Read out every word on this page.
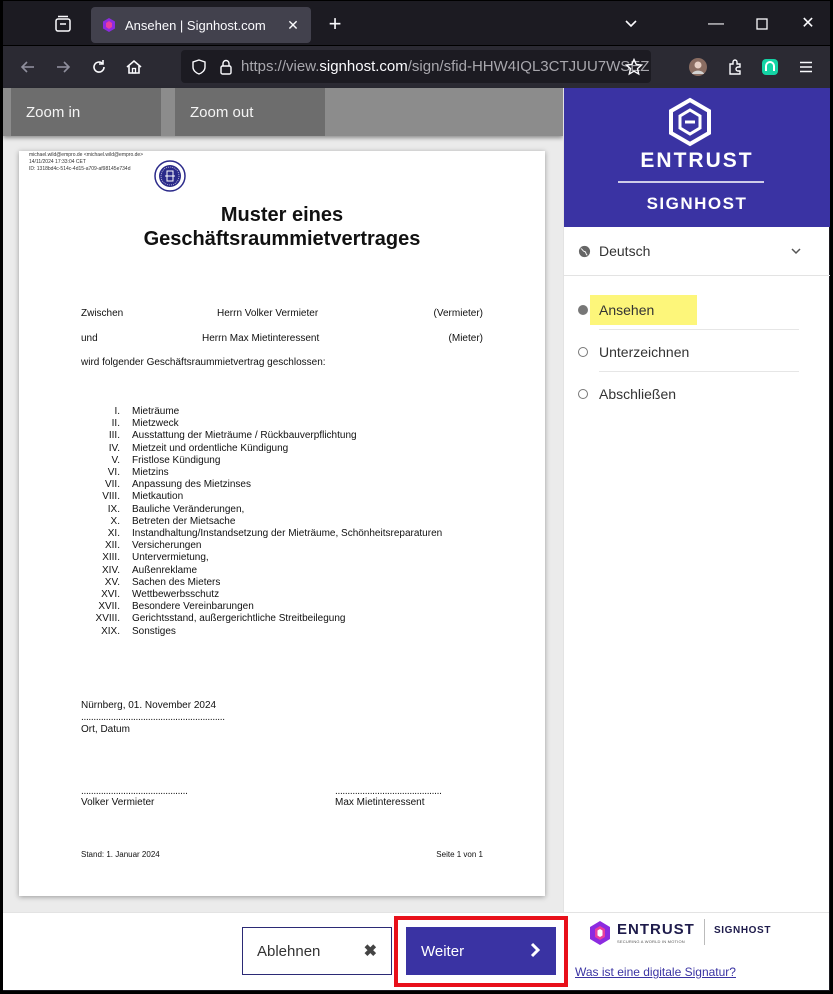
Ansehen | Signhost.com	✕ +	—	✕
https://view.signhost.com/sign/sfid-HHW4IQL3CTJUU7WSEZ
Zoom in	Zoom out
michael.wild@empro.de <michael.wild@empro.de>
14/11/2024 17:33:04 CET
ID: 1318bd4c-514c-4d15-a709-af98145e734d
Muster eines
Geschäftsraummietvertrages
Zwischen	Herrn Volker Vermieter	(Vermieter)
und	Herrn Max Mietinteressent	(Mieter)
wird folgender Geschäftsraummietvertrag geschlossen:
I. Mieträume
II. Mietzweck
III. Ausstattung der Mieträume / Rückbauverpflichtung
IV. Mietzeit und ordentliche Kündigung
V. Fristlose Kündigung
VI. Mietzins
VII. Anpassung des Mietzinses
VIII. Mietkaution
IX. Bauliche Veränderungen,
X. Betreten der Mietsache
XI. Instandhaltung/Instandsetzung der Mieträume, Schönheitsreparaturen
XII. Versicherungen
XIII. Untervermietung,
XIV. Außenreklame
XV. Sachen des Mieters
XVI. Wettbewerbsschutz
XVII. Besondere Vereinbarungen
XVIII. Gerichtsstand, außergerichtliche Streitbeilegung
XIX. Sonstiges
Nürnberg, 01. November 2024
..........................................................
Ort, Datum
...........................................	...........................................
Volker Vermieter	Max Mietinteressent
Stand: 1. Januar 2024	Seite 1 von 1
ENTRUST
SIGNHOST
Deutsch
Ansehen
Unterzeichnen
Abschließen
Ablehnen	✖	Weiter
ENTRUST
SECURING A WORLD IN MOTION
SIGNHOST
Was ist eine digitale Signatur?
